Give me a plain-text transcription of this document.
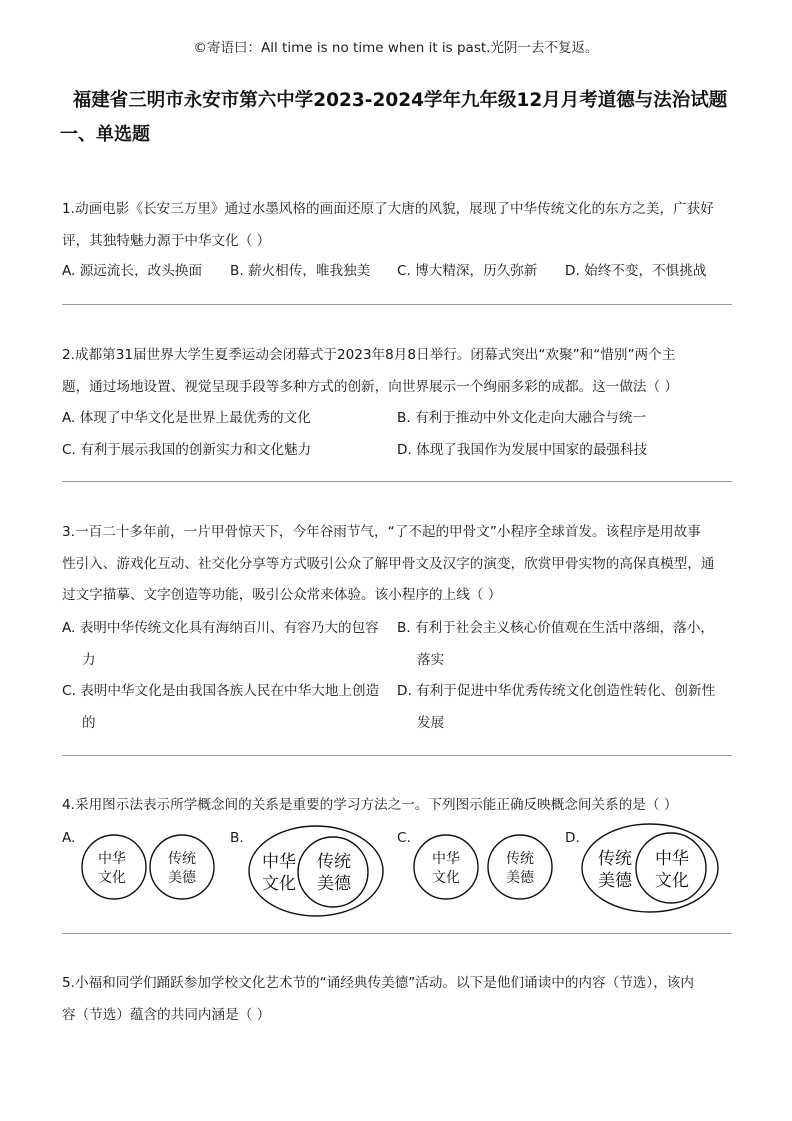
©寄语曰：All time is no time when it is past.光阴一去不复返。
福建省三明市永安市第六中学2023-2024学年九年级12月月考道德与法治试题
一、单选题
1.动画电影《长安三万里》通过水墨风格的画面还原了大唐的风貌，展现了中华传统文化的东方之美，广获好
评，其独特魅力源于中华文化（ ）
A. 源远流长，改头换面 B. 薪火相传，唯我独美 C. 博大精深，历久弥新 D. 始终不变，不惧挑战
2.成都第31届世界大学生夏季运动会闭幕式于2023年8月8日举行。闭幕式突出“欢聚”和“惜别”两个主
题，通过场地设置、视觉呈现手段等多种方式的创新，向世界展示一个绚丽多彩的成都。这一做法（ ）
A. 体现了中华文化是世界上最优秀的文化	B. 有利于推动中外文化走向大融合与统一
C. 有利于展示我国的创新实力和文化魅力	D. 体现了我国作为发展中国家的最强科技
3.一百二十多年前，一片甲骨惊天下，今年谷雨节气，“了不起的甲骨文”小程序全球首发。该程序是用故事
性引入、游戏化互动、社交化分享等方式吸引公众了解甲骨文及汉字的演变，欣赏甲骨实物的高保真模型，通
过文字描摹、文字创造等功能，吸引公众常来体验。该小程序的上线（ ）
A. 表明中华传统文化具有海纳百川、有容乃大的包容
力
B. 有利于社会主义核心价值观在生活中落细，落小，
落实
C. 表明中华文化是由我国各族人民在中华大地上创造
的
D. 有利于促进中华优秀传统文化创造性转化、创新性
发展
4.采用图示法表示所学概念间的关系是重要的学习方法之一。下列图示能正确反映概念间关系的是（ ）
A.	B.	C.	D.
中华
文化
传统
美德
中华
文化
传统
美德
中华
文化
传统
美德
传统
美德
中华
文化
5.小福和同学们踊跃参加学校文化艺术节的“诵经典传美德”活动。以下是他们诵读中的内容（节选），该内
容（节选）蕴含的共同内涵是（ ）
